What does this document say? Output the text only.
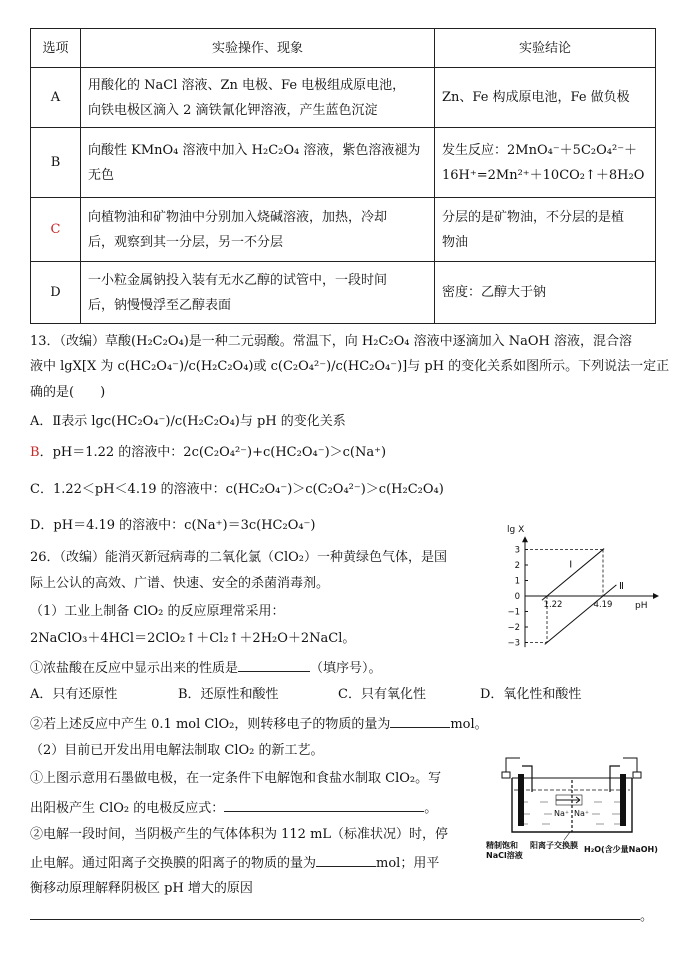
选项	实验操作、现象	实验结论
A	用酸化的 NaCl 溶液、Zn 电极、Fe 电极组成原电池，
向铁电极区滴入 2 滴铁氰化钾溶液，产生蓝色沉淀	Zn、Fe 构成原电池，Fe 做负极
B	向酸性 KMnO₄ 溶液中加入 H₂C₂O₄ 溶液，紫色溶液褪为
无色	发生反应：2MnO₄⁻＋5C₂O₄²⁻＋
16H⁺=2Mn²⁺＋10CO₂↑＋8H₂O
C	向植物油和矿物油中分别加入烧碱溶液，加热，冷却
后，观察到其一分层，另一不分层	分层的是矿物油，不分层的是植
物油
D	一小粒金属钠投入装有无水乙醇的试管中，一段时间
后，钠慢慢浮至乙醇表面	密度：乙醇大于钠
13．（改编）草酸(H₂C₂O₄)是一种二元弱酸。常温下，向 H₂C₂O₄ 溶液中逐滴加入 NaOH 溶液，混合溶
液中 lgX[X 为 c(HC₂O₄⁻)/c(H₂C₂O₄)或 c(C₂O₄²⁻)/c(HC₂O₄⁻)]与 pH 的变化关系如图所示。下列说法一定正
确的是(　　)
A．Ⅱ表示 lgc(HC₂O₄⁻)/c(H₂C₂O₄)与 pH 的变化关系
B．pH＝1.22 的溶液中：2c(C₂O₄²⁻)+c(HC₂O₄⁻)＞c(Na⁺)
C．1.22＜pH＜4.19 的溶液中：c(HC₂O₄⁻)＞c(C₂O₄²⁻)＞c(H₂C₂O₄)
D．pH＝4.19 的溶液中：c(Na⁺)＝3c(HC₂O₄⁻)	lg X
pH
3
2
1
0
−1
−2
−3
1.22	4.19
Ⅰ
Ⅱ
26．（改编）能消灭新冠病毒的二氧化氯（ClO₂）一种黄绿色气体，是国
际上公认的高效、广谱、快速、安全的杀菌消毒剂。
（1）工业上制备 ClO₂ 的反应原理常采用：
2NaClO₃＋4HCl＝2ClO₂↑＋Cl₂↑＋2H₂O＋2NaCl。
①浓盐酸在反应中显示出来的性质是	（填序号）。
A．只有还原性	B．还原性和酸性	C．只有氧化性	D．氧化性和酸性
②若上述反应中产生 0.1 mol ClO₂，则转移电子的物质的量为	mol。
（2）目前已开发出用电解法制取 ClO₂ 的新工艺。
①上图示意用石墨做电极，在一定条件下电解饱和食盐水制取 ClO₂。写
出阳极产生 ClO₂ 的电极反应式：	。
②电解一段时间，当阴极产生的气体体积为 112 mL（标准状况）时，停
止电解。通过阳离子交换膜的阳离子的物质的量为	mol；用平
衡移动原理解释阴极区 pH 增大的原因
。
Na⁺ Na⁺
精制饱和
NaCl溶液
阳离子交换膜 H₂O(含少量NaOH)
